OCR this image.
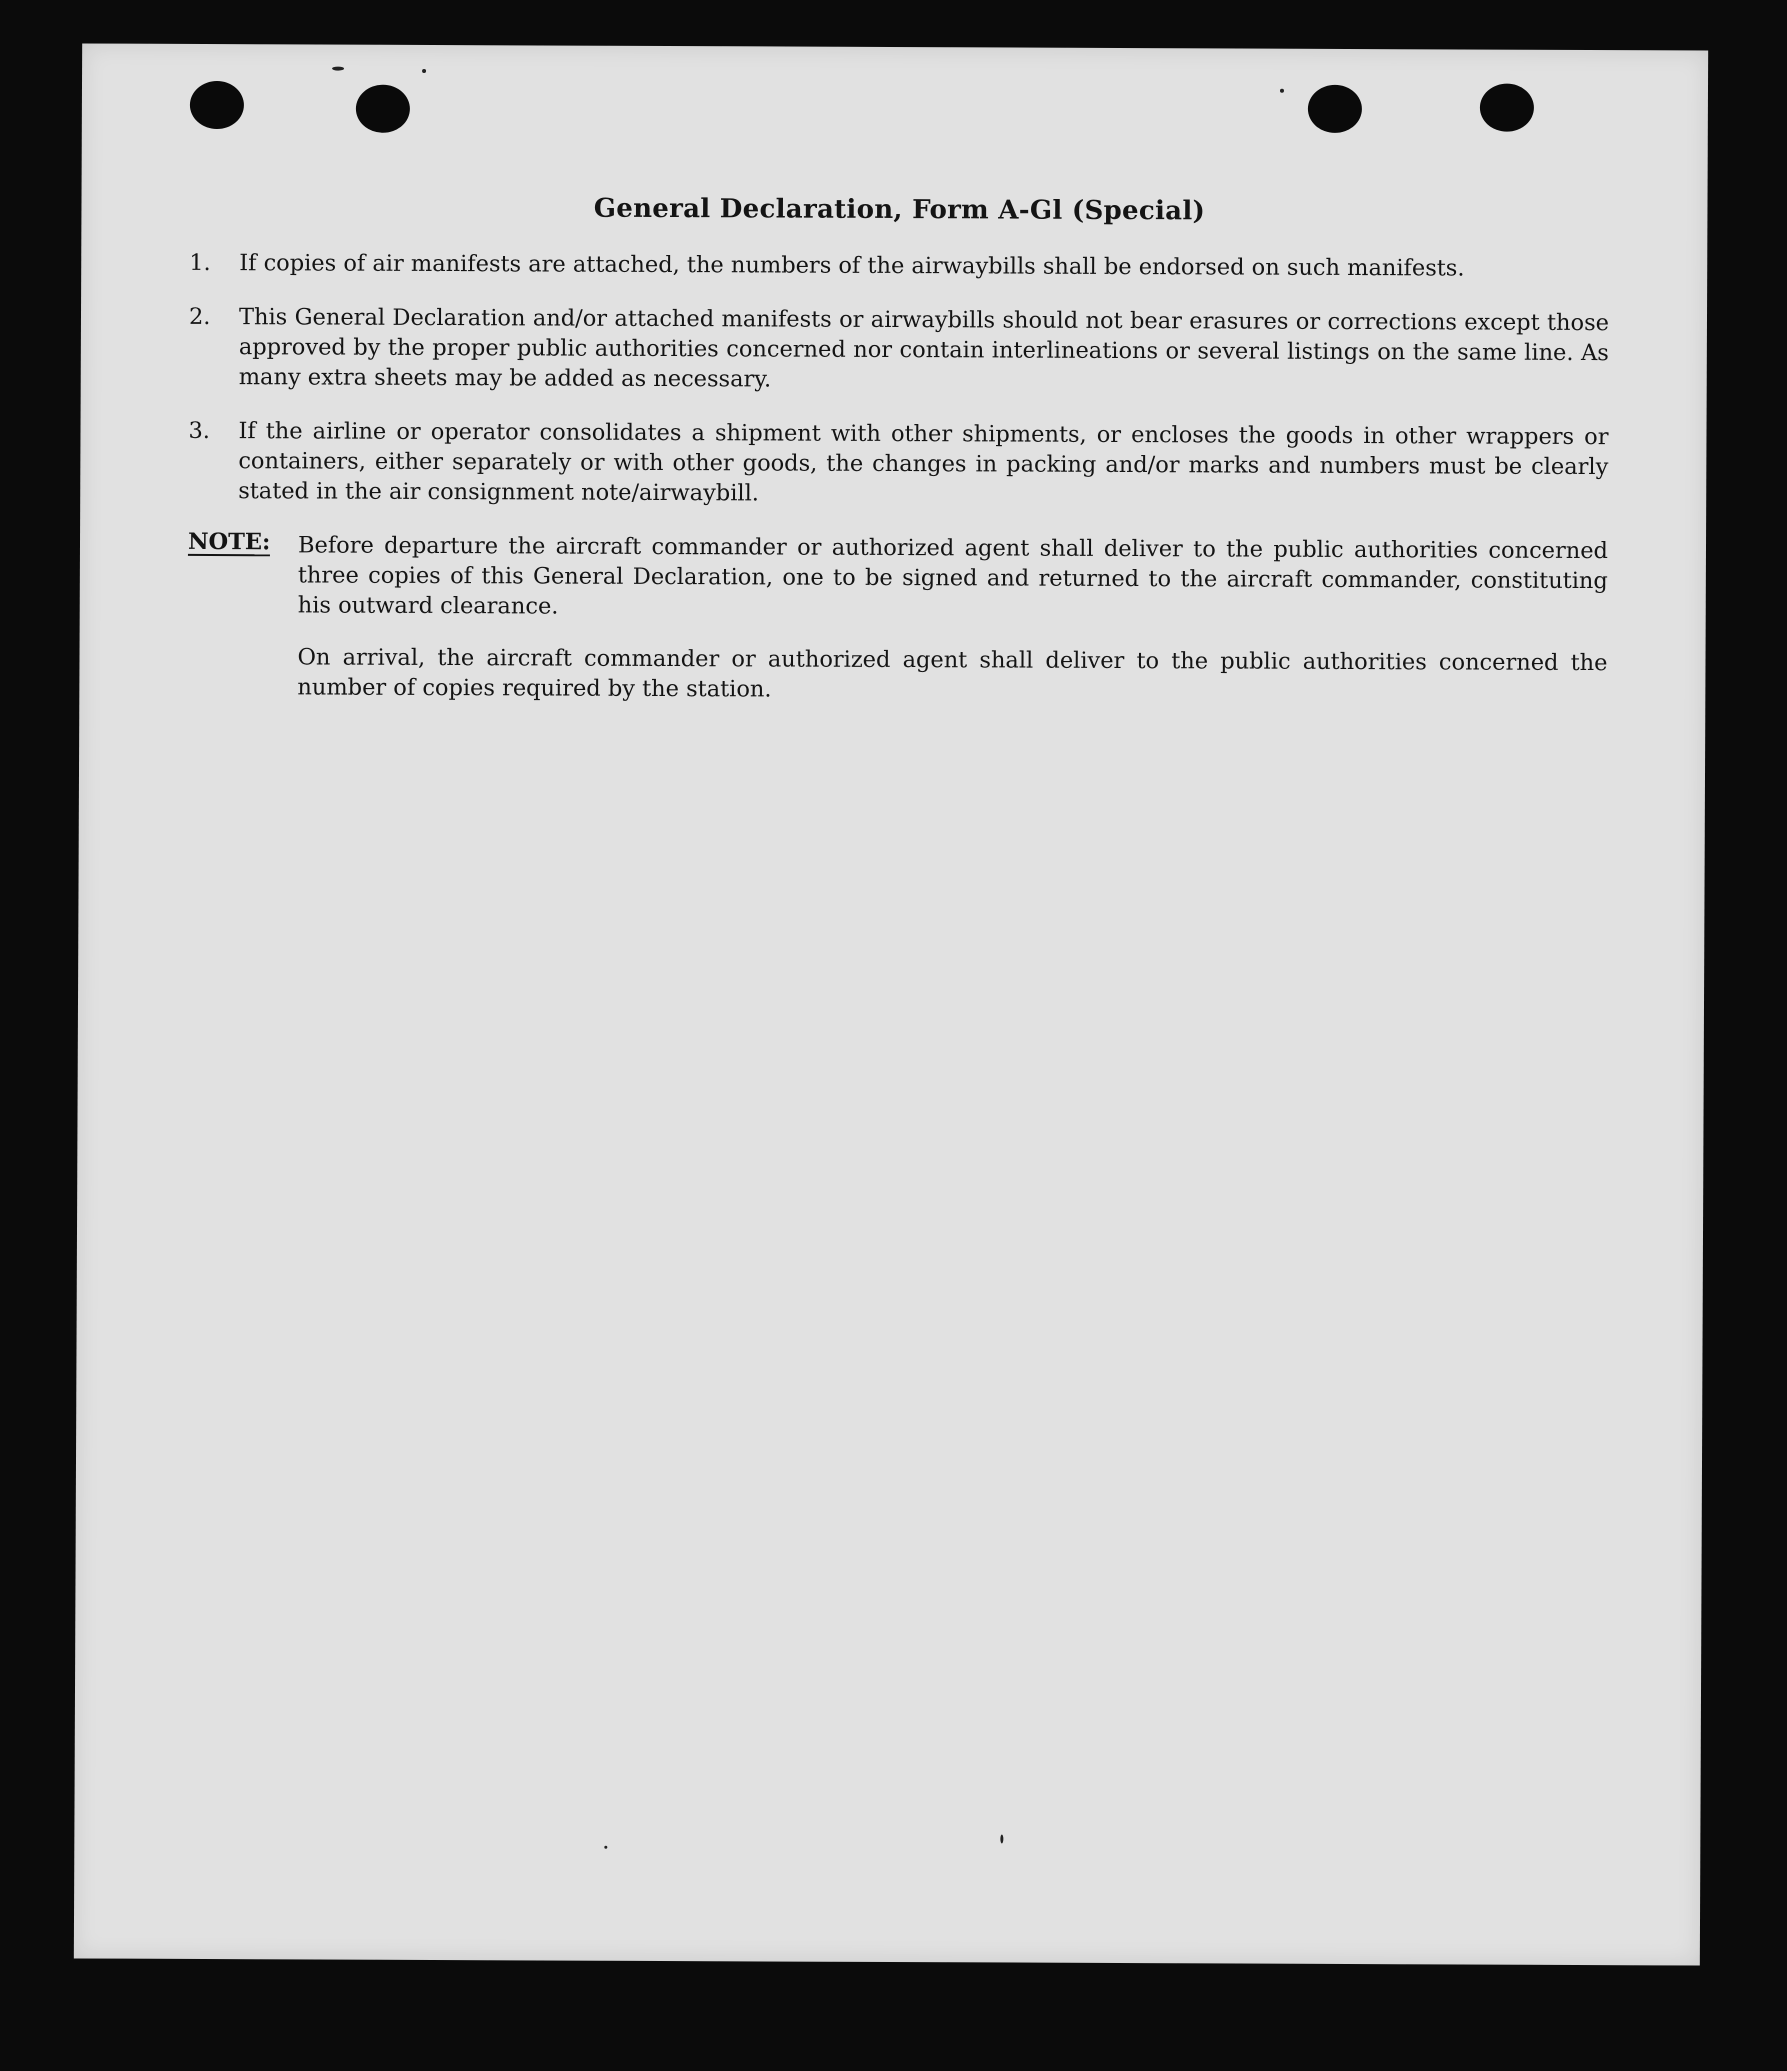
General Declaration, Form A-Gl (Special)
1. If copies of air manifests are attached, the numbers of the airwaybills shall be endorsed on such manifests.
2. This General Declaration and/or attached manifests or airwaybills should not bear erasures or corrections except those approved by the proper public authorities concerned nor contain interlineations or several listings on the same line. As many extra sheets may be added as necessary.
3. If the airline or operator consolidates a shipment with other shipments, or encloses the goods in other wrappers or containers, either separately or with other goods, the changes in packing and/or marks and numbers must be clearly stated in the air consignment note/airwaybill.
NOTE: Before departure the aircraft commander or authorized agent shall deliver to the public authorities concerned three copies of this General Declaration, one to be signed and returned to the aircraft commander, constituting his outward clearance.
On arrival, the aircraft commander or authorized agent shall deliver to the public authorities concerned the number of copies required by the station.
